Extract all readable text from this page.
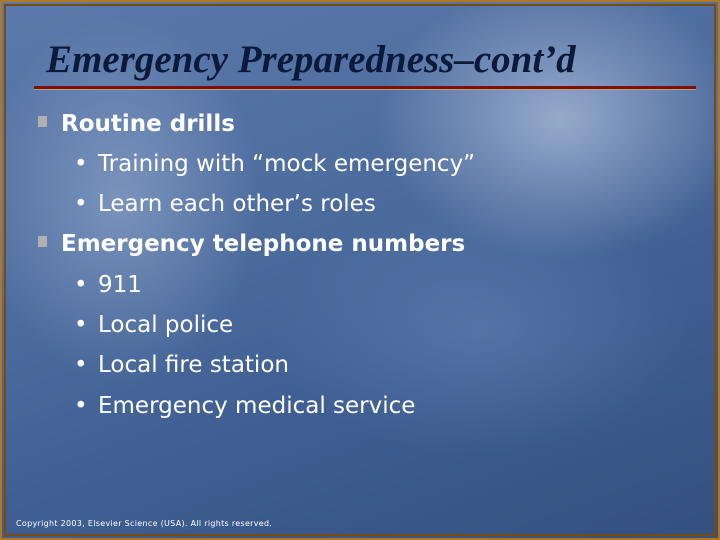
Emergency Preparedness–cont’d
Routine drills
• Training with “mock emergency”
• Learn each other’s roles
Emergency telephone numbers
• 911
• Local police
• Local fire station
• Emergency medical service
Copyright 2003, Elsevier Science (USA). All rights reserved.
